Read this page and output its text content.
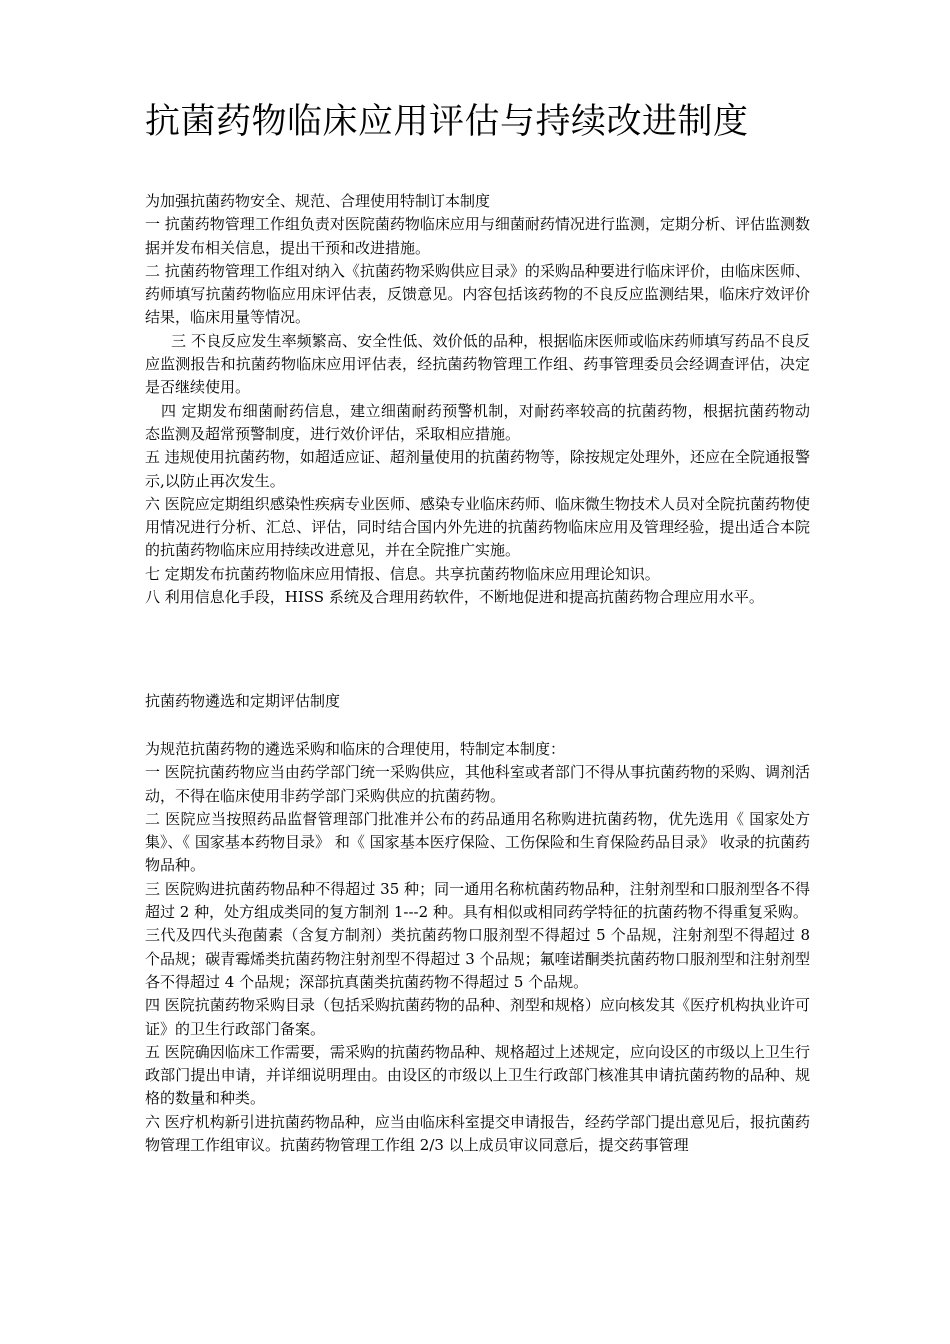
抗菌药物临床应用评估与持续改进制度

为加强抗菌药物安全、规范、合理使用特制订本制度

一 抗菌药物管理工作组负责对医院菌药物临床应用与细菌耐药情况进行监测，定期分析、评估监测数据并发布相关信息，提出干预和改进措施。

二 抗菌药物管理工作组对纳入《抗菌药物采购供应目录》的采购品种要进行临床评价，由临床医师、药师填写抗菌药物临应用床评估表，反馈意见。内容包括该药物的不良反应监测结果，临床疗效评价结果，临床用量等情况。

三 不良反应发生率频繁高、安全性低、效价低的品种，根据临床医师或临床药师填写药品不良反应监测报告和抗菌药物临床应用评估表，经抗菌药物管理工作组、药事管理委员会经调查评估，决定是否继续使用。

四 定期发布细菌耐药信息，建立细菌耐药预警机制，对耐药率较高的抗菌药物，根据抗菌药物动态监测及超常预警制度，进行效价评估，采取相应措施。

五 违规使用抗菌药物，如超适应证、超剂量使用的抗菌药物等，除按规定处理外，还应在全院通报警示,以防止再次发生。

六 医院应定期组织感染性疾病专业医师、感染专业临床药师、临床微生物技术人员对全院抗菌药物使用情况进行分析、汇总、评估，同时结合国内外先进的抗菌药物临床应用及管理经验，提出适合本院的抗菌药物临床应用持续改进意见，并在全院推广实施。

七 定期发布抗菌药物临床应用情报、信息。共享抗菌药物临床应用理论知识。

八 利用信息化手段，HISS 系统及合理用药软件，不断地促进和提高抗菌药物合理应用水平。

抗菌药物遴选和定期评估制度

为规范抗菌药物的遴选采购和临床的合理使用，特制定本制度：

一 医院抗菌药物应当由药学部门统一采购供应，其他科室或者部门不得从事抗菌药物的采购、调剂活动，不得在临床使用非药学部门采购供应的抗菌药物。

二 医院应当按照药品监督管理部门批准并公布的药品通用名称购进抗菌药物，优先选用《 国家处方集》、《 国家基本药物目录》 和《 国家基本医疗保险、工伤保险和生育保险药品目录》 收录的抗菌药物品种。

三 医院购进抗菌药物品种不得超过 35 种；同一通用名称杭菌药物品种，注射剂型和口服剂型各不得超过 2 种，处方组成类同的复方制剂 1---2 种。具有相似或相同药学特征的抗菌药物不得重复采购。

三代及四代头孢菌素（含复方制剂）类抗菌药物口服剂型不得超过 5 个品规，注射剂型不得超过 8 个品规；碳青霉烯类抗菌药物注射剂型不得超过 3 个品规；氟喹诺酮类抗菌药物口服剂型和注射剂型各不得超过 4 个品规；深部抗真菌类抗菌药物不得超过 5 个品规。

四 医院抗菌药物采购目录（包括采购抗菌药物的品种、剂型和规格）应向核发其《医疗机构执业许可证》的卫生行政部门备案。

五 医院确因临床工作需要，需采购的抗菌药物品种、规格超过上述规定，应向设区的市级以上卫生行政部门提出申请，并详细说明理由。由设区的市级以上卫生行政部门核准其申请抗菌药物的品种、规格的数量和种类。

六 医疗机构新引进抗菌药物品种，应当由临床科室提交申请报告，经药学部门提出意见后，报抗菌药物管理工作组审议。抗菌药物管理工作组 2/3 以上成员审议同意后，提交药事管理
